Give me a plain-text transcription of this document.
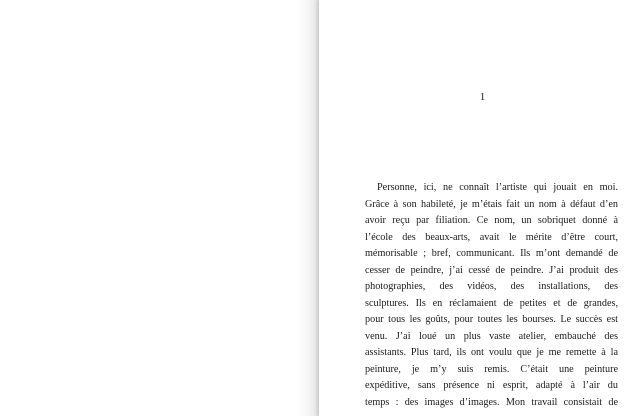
1
Personne, ici, ne connaît l’artiste qui jouait en moi.
Grâce à son habileté, je m’étais fait un nom à défaut d’en
avoir reçu par filiation. Ce nom, un sobriquet donné à
l’école des beaux-arts, avait le mérite d’être court,
mémorisable ; bref, communicant. Ils m’ont demandé de
cesser de peindre, j’ai cessé de peindre. J’ai produit des
photographies, des vidéos, des installations, des
sculptures. Ils en réclamaient de petites et de grandes,
pour tous les goûts, pour toutes les bourses. Le succès est
venu. J’ai loué un plus vaste atelier, embauché des
assistants. Plus tard, ils ont voulu que je me remette à la
peinture, je m’y suis remis. C’était une peinture
expéditive, sans présence ni esprit, adapté à l’air du
temps : des images d’images. Mon travail consistait de
